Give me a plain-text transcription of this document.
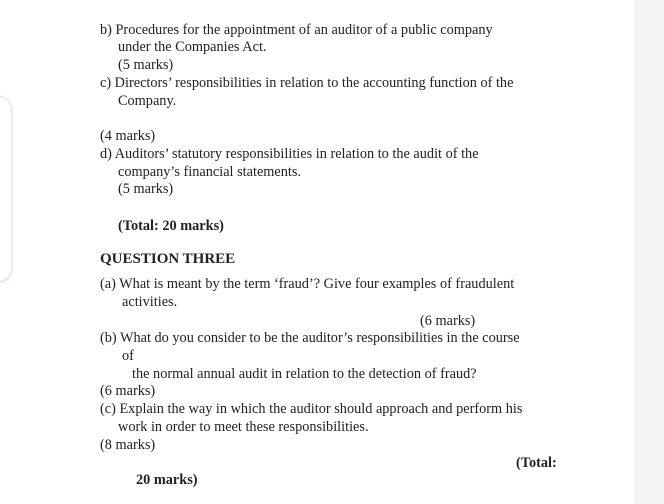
b) Procedures for the appointment of an auditor of a public company
under the Companies Act.
(5 marks)
c) Directors’ responsibilities in relation to the accounting function of the
Company.
(4 marks)
d) Auditors’ statutory responsibilities in relation to the audit of the
company’s financial statements.
(5 marks)
(Total: 20 marks)
QUESTION THREE
(a) What is meant by the term ‘fraud’? Give four examples of fraudulent
activities.
(6 marks)
(b) What do you consider to be the auditor’s responsibilities in the course
of
the normal annual audit in relation to the detection of fraud?
(6 marks)
(c) Explain the way in which the auditor should approach and perform his
work in order to meet these responsibilities.
(8 marks)
(Total:
20 marks)
